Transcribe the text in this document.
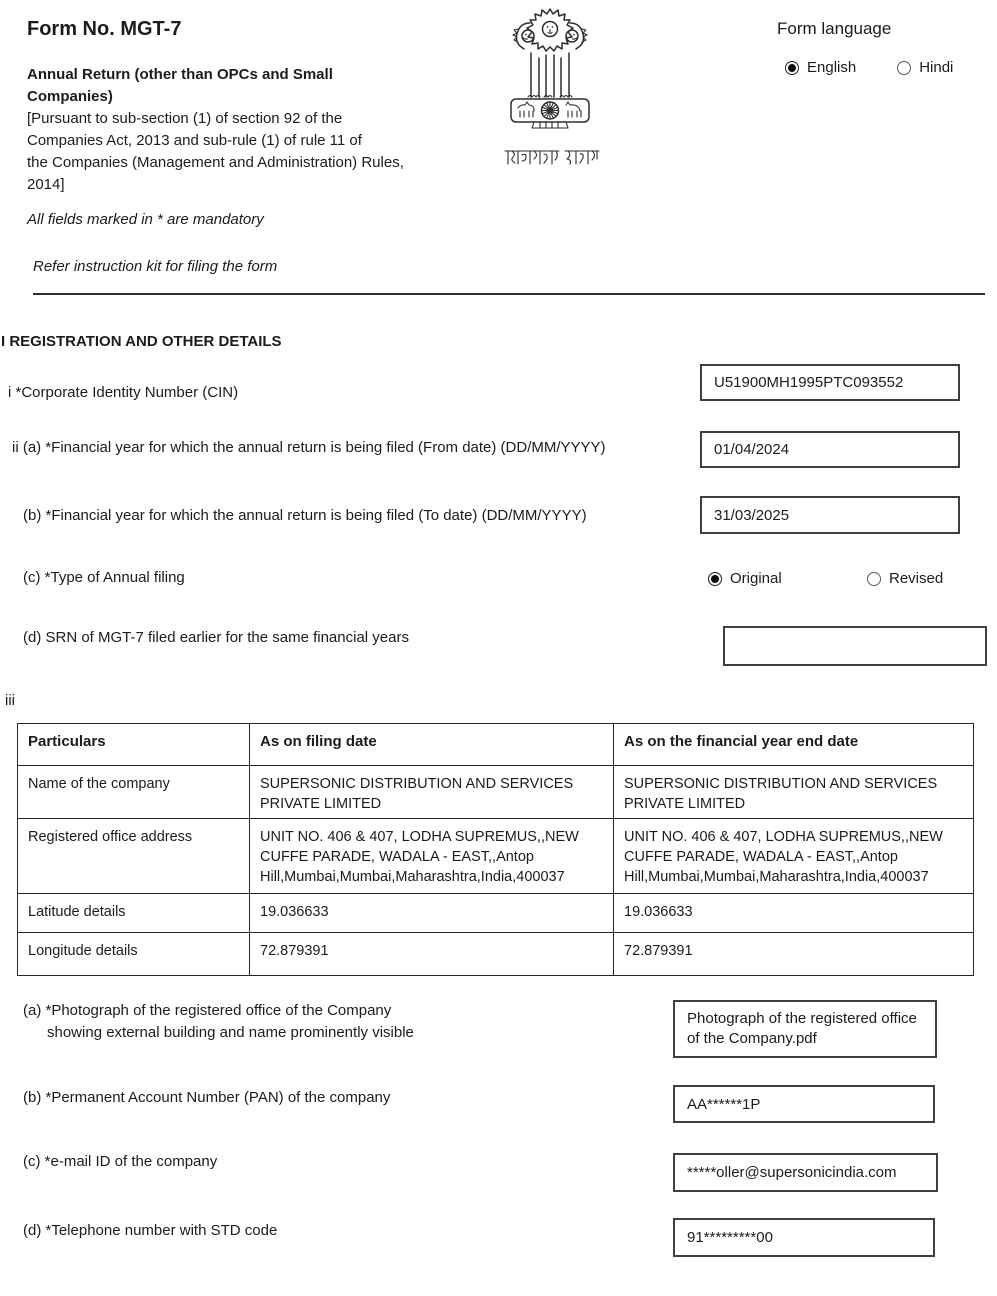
Form No. MGT-7
Annual Return (other than OPCs and Small
Companies)
[Pursuant to sub-section (1) of section 92 of the
Companies Act, 2013 and sub-rule (1) of rule 11 of
the Companies (Management and Administration) Rules,
2014]
All fields marked in * are mandatory
Refer instruction kit for filing the form
Form language
English	Hindi
I REGISTRATION AND OTHER DETAILS
i *Corporate Identity Number (CIN)
U51900MH1995PTC093552
ii (a) *Financial year for which the annual return is being filed (From date) (DD/MM/YYYY)	01/04/2024
(b) *Financial year for which the annual return is being filed (To date) (DD/MM/YYYY)	31/03/2025
(c) *Type of Annual filing	Original	Revised
(d) SRN of MGT-7 filed earlier for the same financial years
iii
Particulars	As on filing date	As on the financial year end date
Name of the company	SUPERSONIC DISTRIBUTION AND SERVICES PRIVATE LIMITED	SUPERSONIC DISTRIBUTION AND SERVICES PRIVATE LIMITED
Registered office address	UNIT NO. 406 & 407, LODHA SUPREMUS,,NEW CUFFE PARADE, WADALA - EAST,,Antop Hill,Mumbai,Mumbai,Maharashtra,India,400037	UNIT NO. 406 & 407, LODHA SUPREMUS,,NEW CUFFE PARADE, WADALA - EAST,,Antop Hill,Mumbai,Mumbai,Maharashtra,India,400037
Latitude details	19.036633	19.036633
Longitude details	72.879391	72.879391
(a) *Photograph of the registered office of the Company
showing external building and name prominently visible
Photograph of the registered office of the Company.pdf
(b) *Permanent Account Number (PAN) of the company	AA******1P
(c) *e-mail ID of the company
*****oller@supersonicindia.com
(d) *Telephone number with STD code	91*********00
